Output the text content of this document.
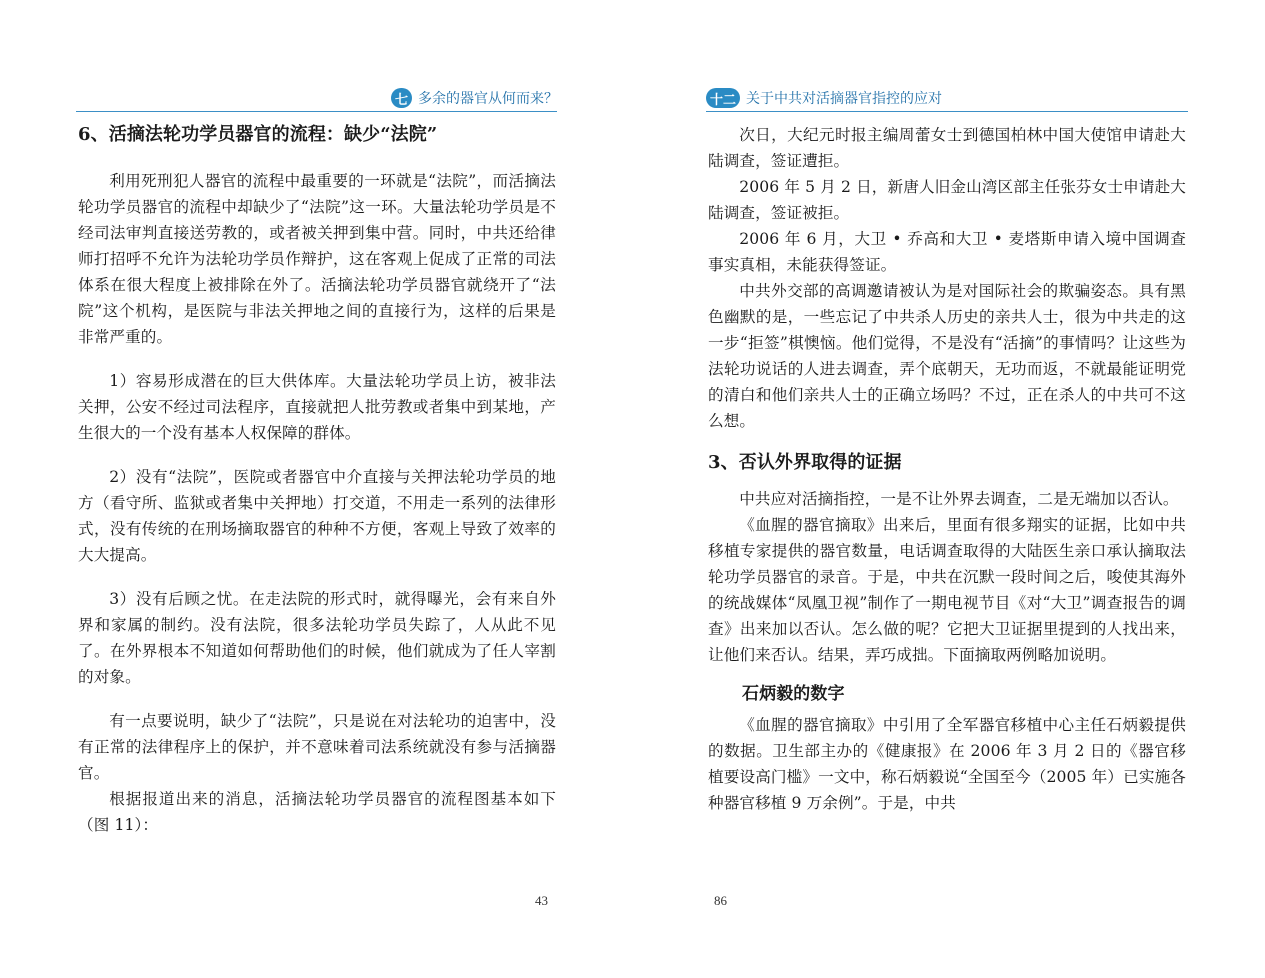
七 多余的器官从何而来？
6、活摘法轮功学员器官的流程：缺少“法院”

利用死刑犯人器官的流程中最重要的一环就是“法院”，而活摘法轮功学员器官的流程中却缺少了“法院”这一环。大量法轮功学员是不经司法审判直接送劳教的，或者被关押到集中营。同时，中共还给律师打招呼不允许为法轮功学员作辩护，这在客观上促成了正常的司法体系在很大程度上被排除在外了。活摘法轮功学员器官就绕开了“法院”这个机构，是医院与非法关押地之间的直接行为，这样的后果是非常严重的。

1）容易形成潜在的巨大供体库。大量法轮功学员上访，被非法关押，公安不经过司法程序，直接就把人批劳教或者集中到某地，产生很大的一个没有基本人权保障的群体。

2）没有“法院”，医院或者器官中介直接与关押法轮功学员的地方（看守所、监狱或者集中关押地）打交道，不用走一系列的法律形式，没有传统的在刑场摘取器官的种种不方便，客观上导致了效率的大大提高。

3）没有后顾之忧。在走法院的形式时，就得曝光，会有来自外界和家属的制约。没有法院，很多法轮功学员失踪了，人从此不见了。在外界根本不知道如何帮助他们的时候，他们就成为了任人宰割的对象。

有一点要说明，缺少了“法院”，只是说在对法轮功的迫害中，没有正常的法律程序上的保护，并不意味着司法系统就没有参与活摘器官。

根据报道出来的消息，活摘法轮功学员器官的流程图基本如下（图 11）：

43
十二 关于中共对活摘器官指控的应对

次日，大纪元时报主编周蕾女士到德国柏林中国大使馆申请赴大陆调查，签证遭拒。

2006 年 5 月 2 日，新唐人旧金山湾区部主任张芬女士申请赴大陆调查，签证被拒。

2006 年 6 月，大卫 • 乔高和大卫 • 麦塔斯申请入境中国调查事实真相，未能获得签证。

中共外交部的高调邀请被认为是对国际社会的欺骗姿态。具有黑色幽默的是，一些忘记了中共杀人历史的亲共人士，很为中共走的这一步“拒签”棋懊恼。他们觉得，不是没有“活摘”的事情吗？让这些为法轮功说话的人进去调查，弄个底朝天，无功而返，不就最能证明党的清白和他们亲共人士的正确立场吗？不过，正在杀人的中共可不这么想。

3、否认外界取得的证据

中共应对活摘指控，一是不让外界去调查，二是无端加以否认。

《血腥的器官摘取》出来后，里面有很多翔实的证据，比如中共移植专家提供的器官数量，电话调查取得的大陆医生亲口承认摘取法轮功学员器官的录音。于是，中共在沉默一段时间之后，唆使其海外的统战媒体“凤凰卫视”制作了一期电视节目《对“大卫”调查报告的调查》出来加以否认。怎么做的呢？它把大卫证据里提到的人找出来，让他们来否认。结果，弄巧成拙。下面摘取两例略加说明。

石炳毅的数字

《血腥的器官摘取》中引用了全军器官移植中心主任石炳毅提供的数据。卫生部主办的《健康报》在 2006 年 3 月 2 日的《器官移植要设高门槛》一文中，称石炳毅说“全国至今（2005 年）已实施各种器官移植 9 万余例”。于是，中共

86
